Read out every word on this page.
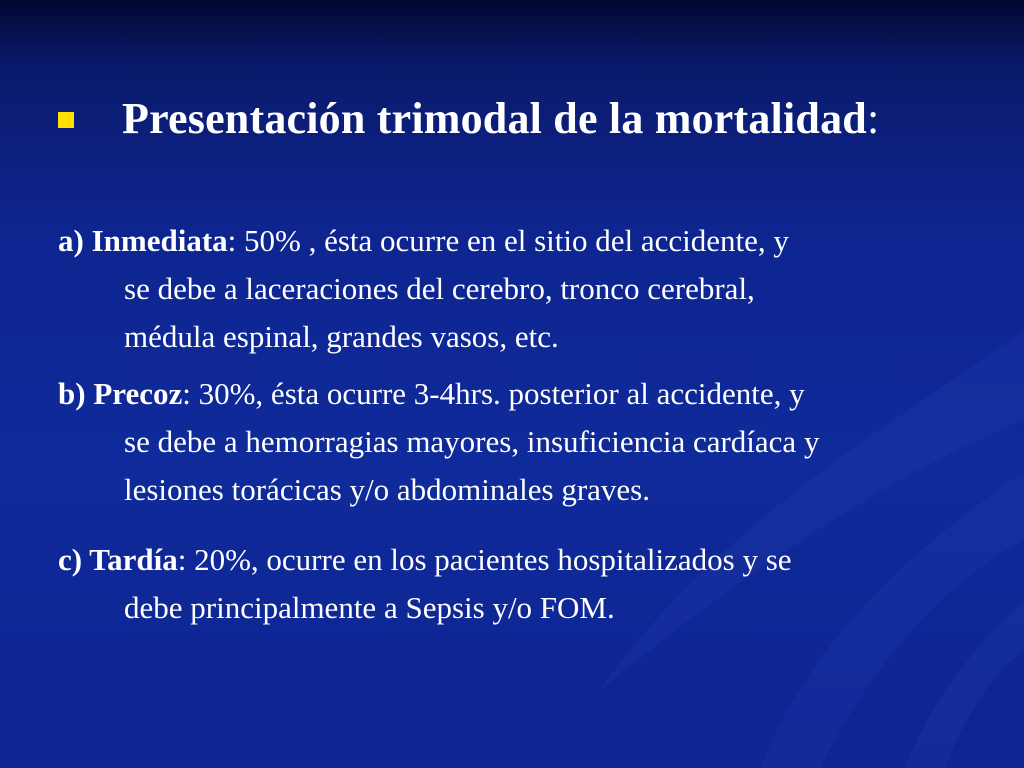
Presentación trimodal de la mortalidad:

a) Inmediata: 50% , ésta ocurre en el sitio del accidente, y
se debe a laceraciones del cerebro, tronco cerebral,
médula espinal, grandes vasos, etc.

b) Precoz: 30%, ésta ocurre 3-4hrs. posterior al accidente, y
se debe a hemorragias mayores, insuficiencia cardíaca y
lesiones torácicas y/o abdominales graves.

c) Tardía: 20%, ocurre en los pacientes hospitalizados y se
debe principalmente a Sepsis y/o FOM.
